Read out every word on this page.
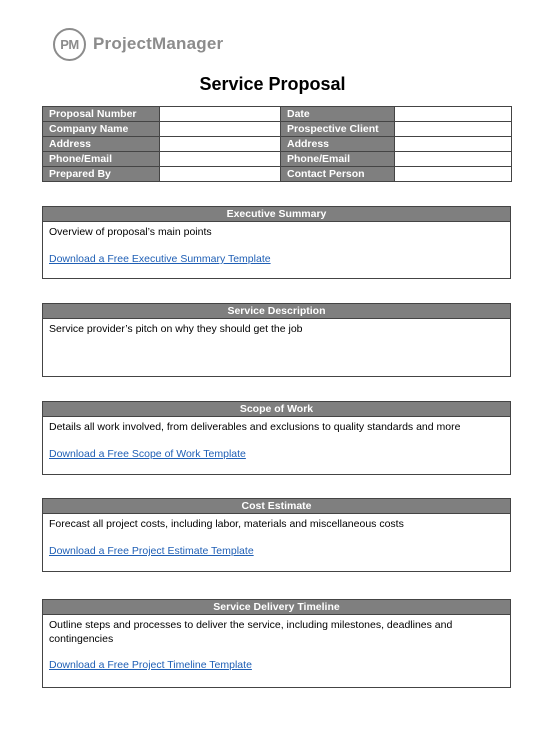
PM ProjectManager
Service Proposal
Proposal Number		Date	
Company Name		Prospective Client	
Address		Address	
Phone/Email		Phone/Email	
Prepared By		Contact Person	
Executive Summary
Overview of proposal’s main points
Download a Free Executive Summary Template
Service Description
Service provider’s pitch on why they should get the job
Scope of Work
Details all work involved, from deliverables and exclusions to quality standards and more
Download a Free Scope of Work Template
Cost Estimate
Forecast all project costs, including labor, materials and miscellaneous costs
Download a Free Project Estimate Template
Service Delivery Timeline
Outline steps and processes to deliver the service, including milestones, deadlines and contingencies
Download a Free Project Timeline Template
